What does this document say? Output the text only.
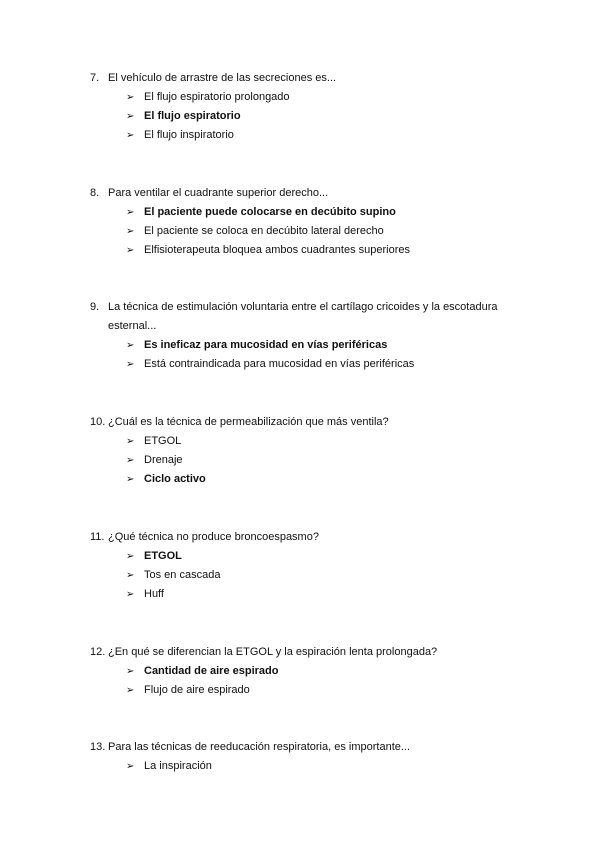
7. El vehículo de arrastre de las secreciones es...
➢ El flujo espiratorio prolongado
➢ El flujo espiratorio
➢ El flujo inspiratorio
8. Para ventilar el cuadrante superior derecho...
➢ El paciente puede colocarse en decúbito supino
➢ El paciente se coloca en decúbito lateral derecho
➢ Elfisioterapeuta bloquea ambos cuadrantes superiores
9. La técnica de estimulación voluntaria entre el cartílago cricoides y la escotadura esternal...
➢ Es ineficaz para mucosidad en vías periféricas
➢ Está contraindicada para mucosidad en vías periféricas
10. ¿Cuál es la técnica de permeabilización que más ventila?
➢ ETGOL
➢ Drenaje
➢ Ciclo activo
11. ¿Qué técnica no produce broncoespasmo?
➢ ETGOL
➢ Tos en cascada
➢ Huff
12. ¿En qué se diferencian la ETGOL y la espiración lenta prolongada?
➢ Cantidad de aire espirado
➢ Flujo de aire espirado
13. Para las técnicas de reeducación respiratoria, es importante...
➢ La inspiración
